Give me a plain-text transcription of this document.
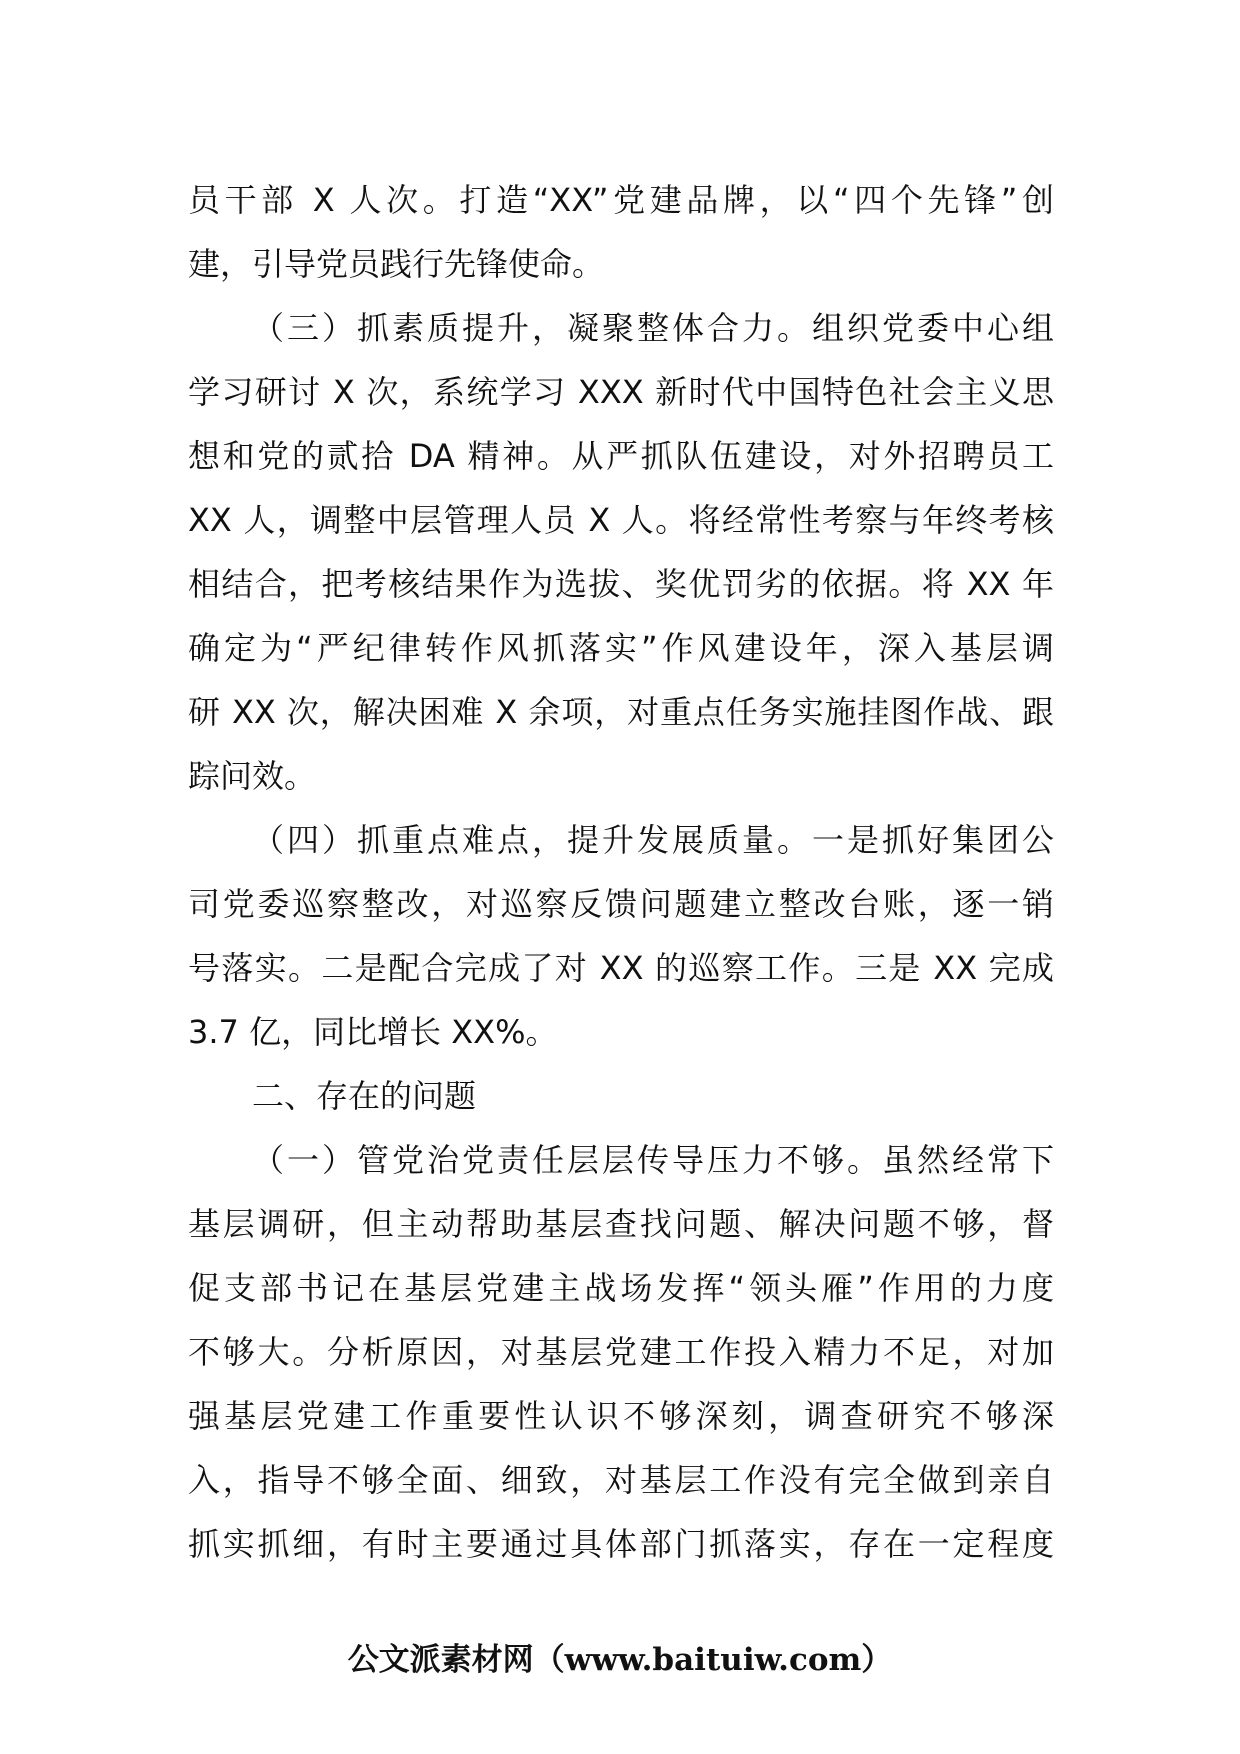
员干部 X 人次。打造“XX”党建品牌，以“四个先锋”创
建，引导党员践行先锋使命。
（三）抓素质提升，凝聚整体合力。组织党委中心组
学习研讨 X 次，系统学习 XXX 新时代中国特色社会主义思
想和党的贰拾 DA 精神。从严抓队伍建设，对外招聘员工
XX 人，调整中层管理人员 X 人。将经常性考察与年终考核
相结合，把考核结果作为选拔、奖优罚劣的依据。将 XX 年
确定为“严纪律转作风抓落实”作风建设年，深入基层调
研 XX 次，解决困难 X 余项，对重点任务实施挂图作战、跟
踪问效。
（四）抓重点难点，提升发展质量。一是抓好集团公
司党委巡察整改，对巡察反馈问题建立整改台账，逐一销
号落实。二是配合完成了对 XX 的巡察工作。三是 XX 完成
3.7 亿，同比增长 XX%。
二、存在的问题
（一）管党治党责任层层传导压力不够。虽然经常下
基层调研，但主动帮助基层查找问题、解决问题不够，督
促支部书记在基层党建主战场发挥“领头雁”作用的力度
不够大。分析原因，对基层党建工作投入精力不足，对加
强基层党建工作重要性认识不够深刻，调查研究不够深
入，指导不够全面、细致，对基层工作没有完全做到亲自
抓实抓细，有时主要通过具体部门抓落实，存在一定程度
公文派素材网（www.baituiw.com）
